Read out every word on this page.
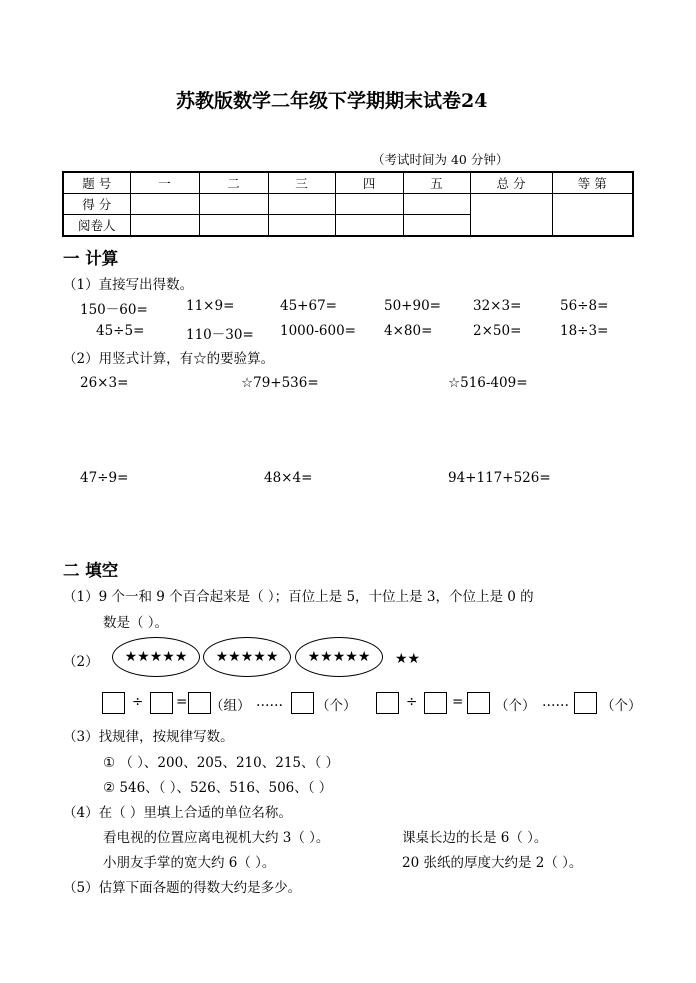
苏教版数学二年级下学期期末试卷24
（考试时间为 40 分钟）
题 号	一	二	三	四	五	总 分	等 第
得 分							
阅卷人							
一 计算
（1）直接写出得数。
150－60=	11×9=	45+67=	50+90= 32×3=	56÷8=
45÷5=	110－30= 1000-600= 4×80=	2×50=	18÷3=
（2）用竖式计算，有☆的要验算。
26×3=	☆79+536=	☆516-409=
47÷9=	48×4=	94+117+526=
二 填空
（1）9 个一和 9 个百合起来是（ ）；百位上是 5，十位上是 3，个位上是 0 的
数是（ ）。
（2）	★★★★★	★★★★★	★★★★★	★★
÷ = （组） …… （个）	÷	= （个） …… （个）
（3）找规律，按规律写数。
① （ ）、200、205、210、215、（ ）
② 546、（ ）、526、516、506、（ ）
（4）在（ ）里填上合适的单位名称。
看电视的位置应离电视机大约 3（ ）。	课桌长边的长是 6（ ）。
小朋友手掌的宽大约 6（ ）。	20 张纸的厚度大约是 2（ ）。
（5）估算下面各题的得数大约是多少。
